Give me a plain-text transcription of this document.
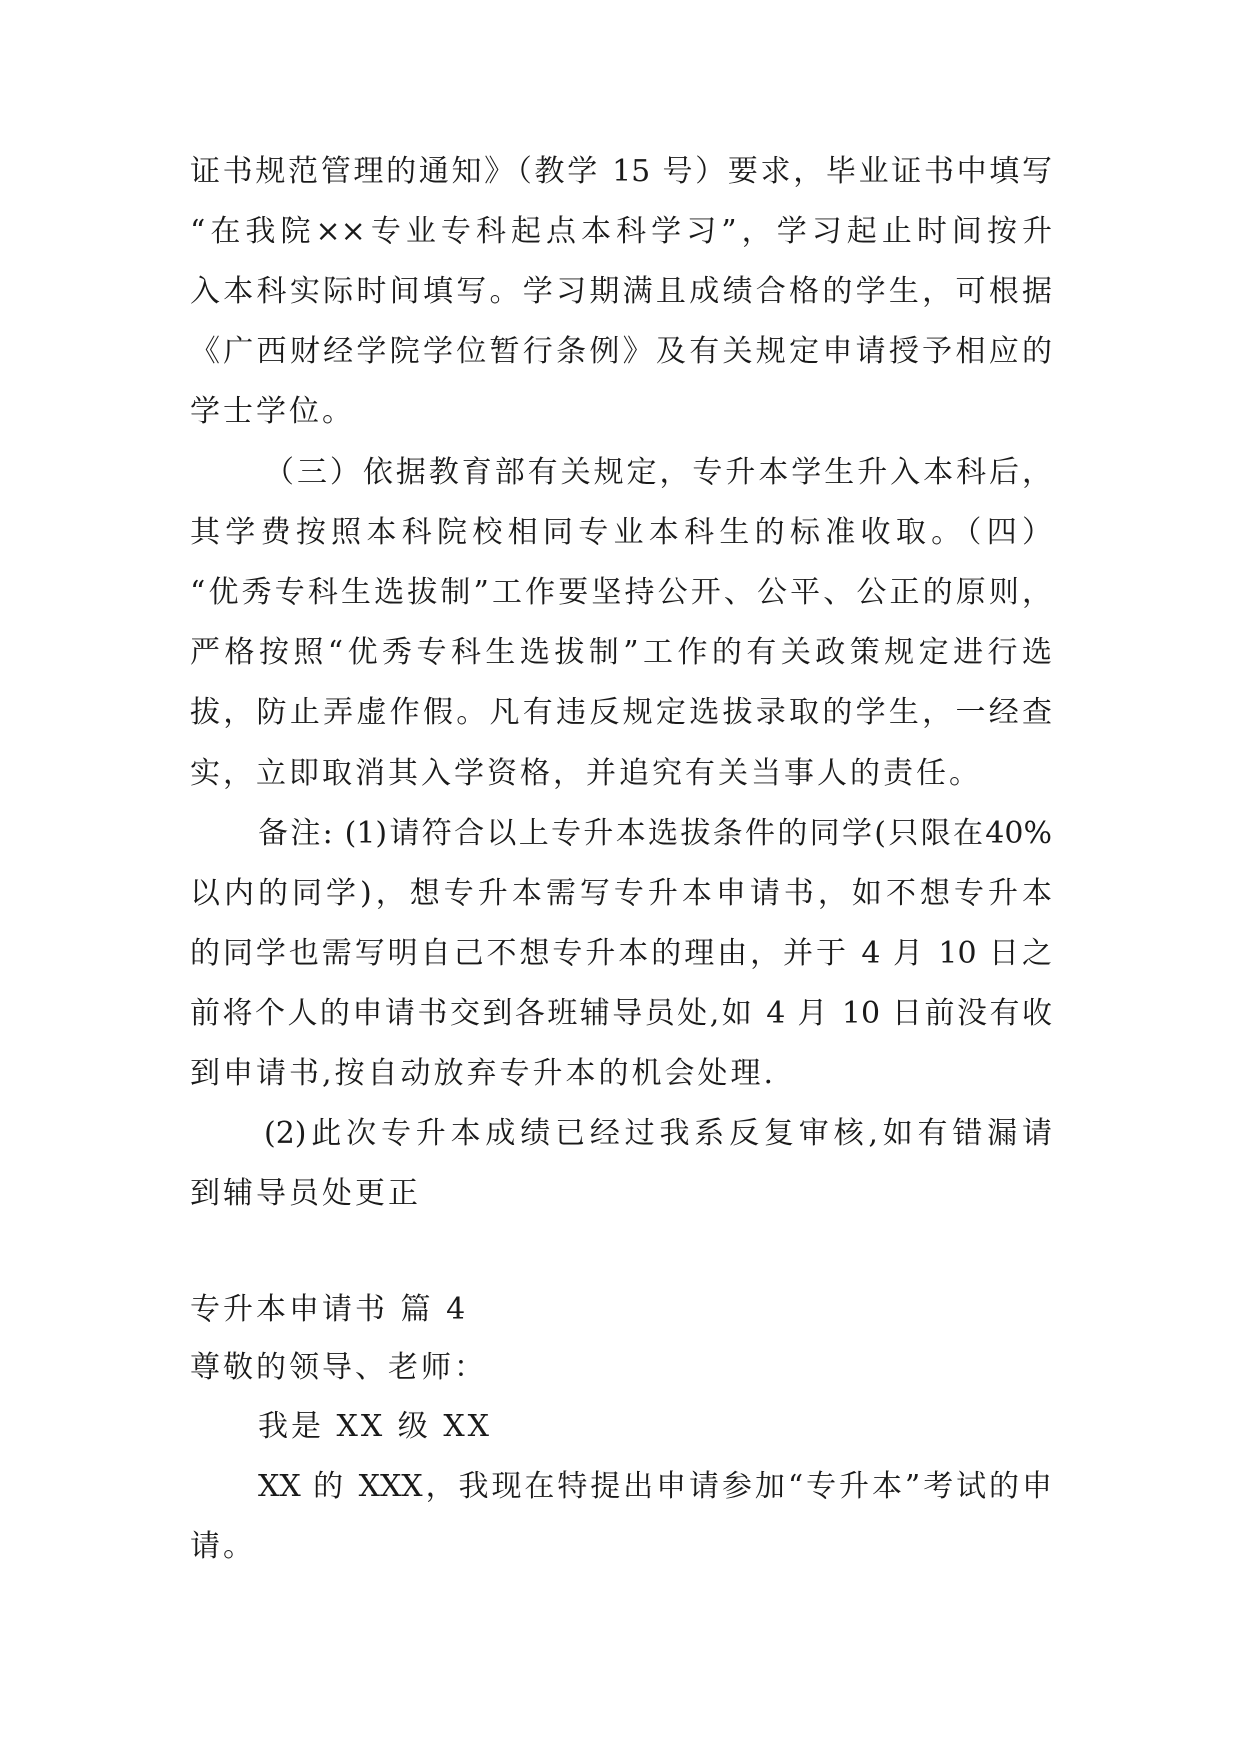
证书规范管理的通知》（教学 15 号）要求，毕业证书中填写
“在我院××专业专科起点本科学习”，学习起止时间按升
入本科实际时间填写。学习期满且成绩合格的学生，可根据
《广西财经学院学位暂行条例》及有关规定申请授予相应的
学士学位。
（三）依据教育部有关规定，专升本学生升入本科后，
其学费按照本科院校相同专业本科生的标准收取。（四）
“优秀专科生选拔制”工作要坚持公开、公平、公正的原则，
严格按照“优秀专科生选拔制”工作的有关政策规定进行选
拔，防止弄虚作假。凡有违反规定选拔录取的学生，一经查
实，立即取消其入学资格，并追究有关当事人的责任。
备注: (1)请符合以上专升本选拔条件的同学(只限在40%
以内的同学)，想专升本需写专升本申请书，如不想专升本
的同学也需写明自己不想专升本的理由，并于 4 月 10 日之
前将个人的申请书交到各班辅导员处,如 4 月 10 日前没有收
到申请书,按自动放弃专升本的机会处理.
(2)此次专升本成绩已经过我系反复审核,如有错漏请
到辅导员处更正
专升本申请书 篇 4
尊敬的领导、老师：
我是 XX 级 XX
XX 的 XXX，我现在特提出申请参加“专升本”考试的申
请。
